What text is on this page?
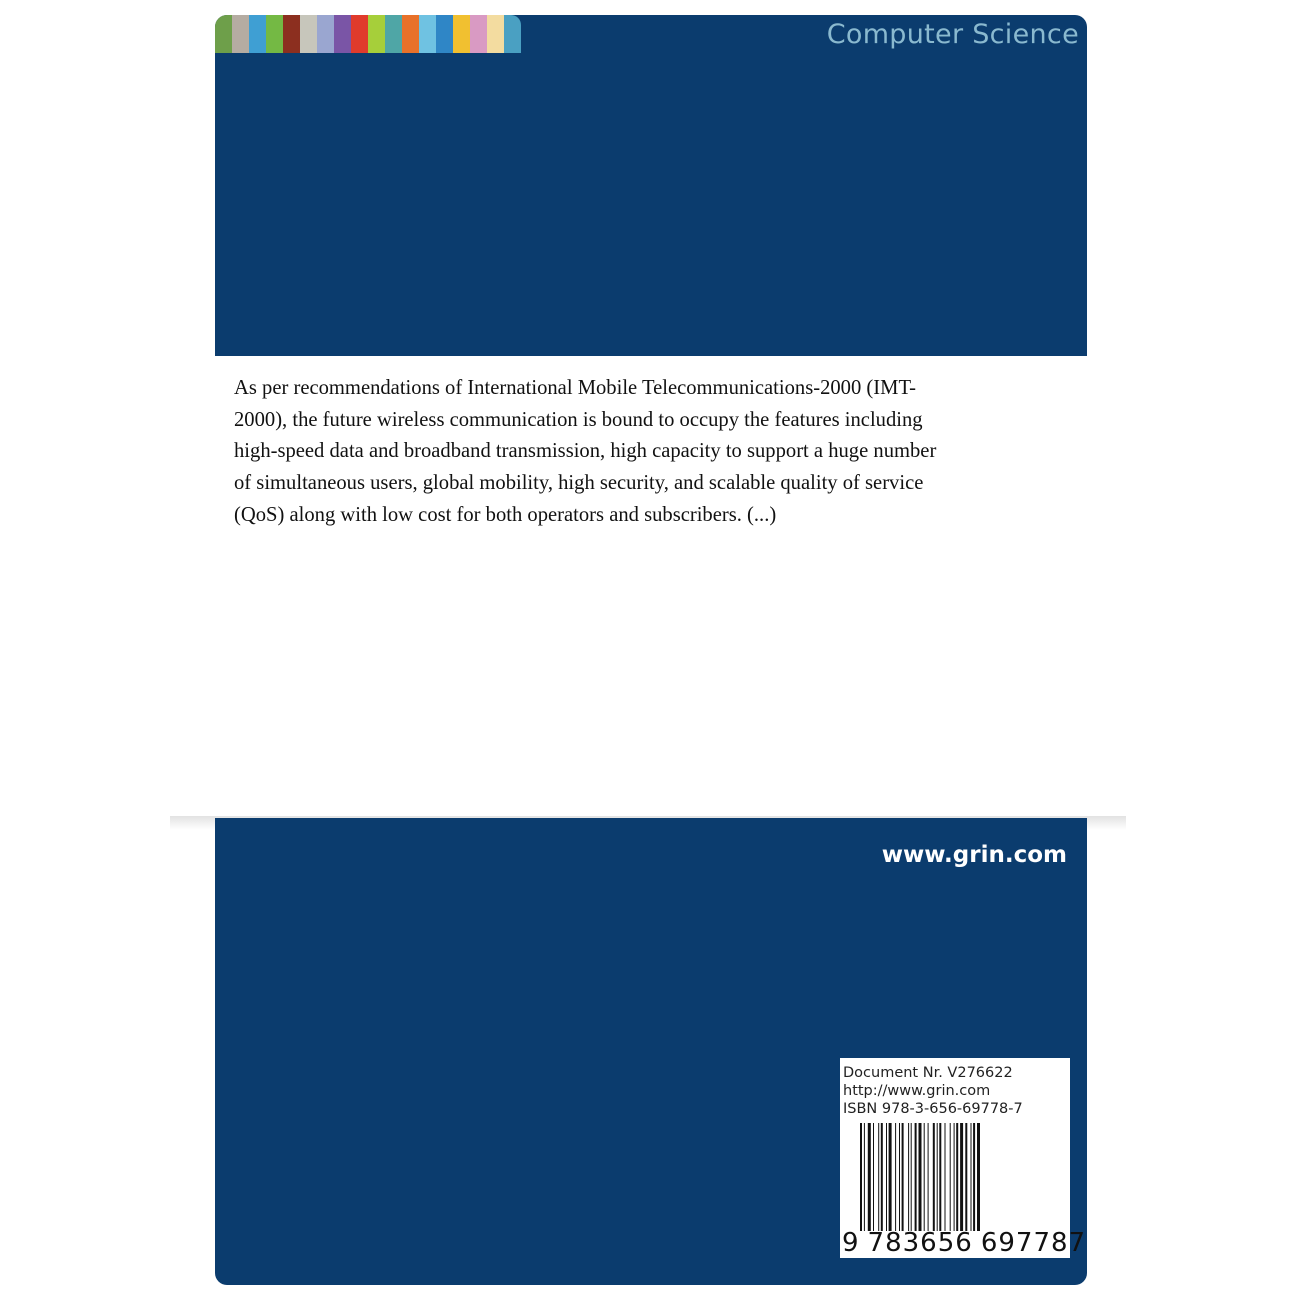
Computer Science
As per recommendations of International Mobile Telecommunications-2000 (IMT-2000), the future wireless communication is bound to occupy the features including high-speed data and broadband transmission, high capacity to support a huge number of simultaneous users, global mobility, high security, and scalable quality of service (QoS) along with low cost for both operators and subscribers. (...)
www.grin.com
Document Nr. V276622
http://www.grin.com
ISBN 978-3-656-69778-7
9 783656 697787
